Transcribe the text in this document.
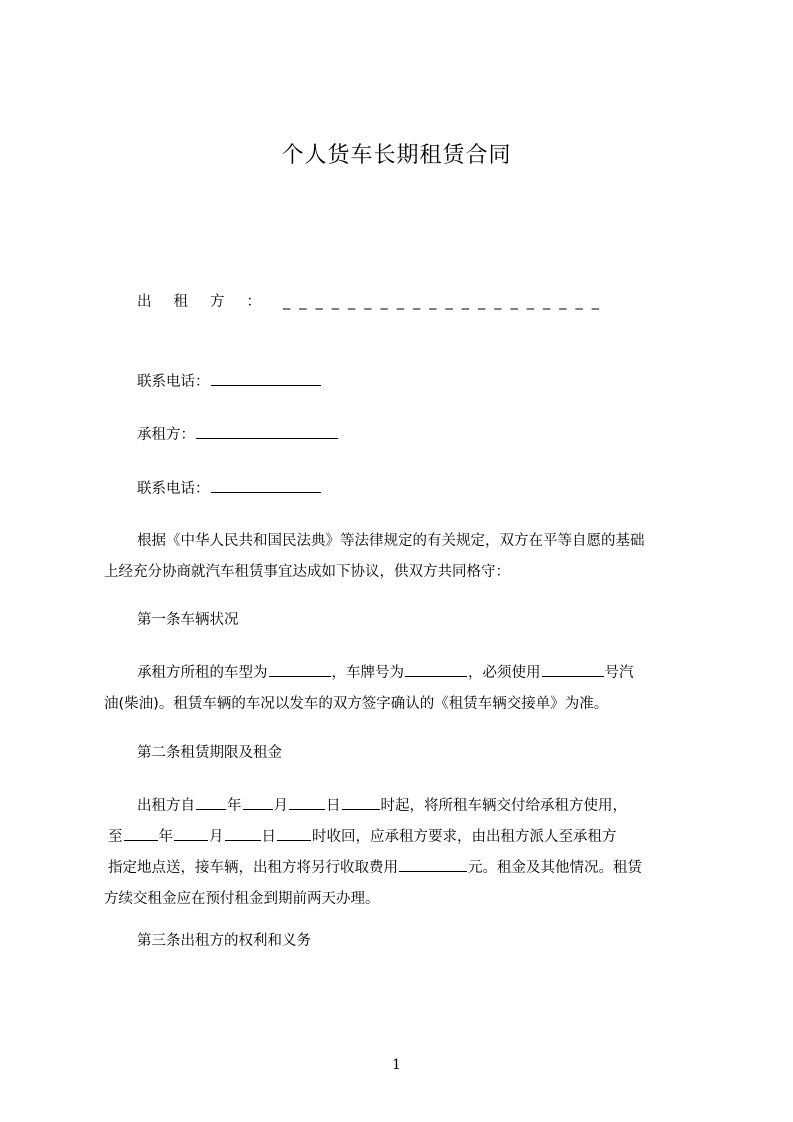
个人货车长期租赁合同
出租方：____________________
联系电话：
承租方：
联系电话：
根据《中华人民共和国民法典》等法律规定的有关规定，双方在平等自愿的基础
上经充分协商就汽车租赁事宜达成如下协议，供双方共同格守：
第一条车辆状况
承租方所租的车型为	，车牌号为	，必须使用	号汽
油(柴油)。租赁车辆的车况以发车的双方签字确认的《租赁车辆交接单》为准。
第二条租赁期限及租金
出租方自 年 月	日	时起，将所租车辆交付给承租方使用，
至 年 月	日 时收回，应承租方要求，由出租方派人至承租方
指定地点送，接车辆，出租方将另行收取费用	元。租金及其他情况。租赁
方续交租金应在预付租金到期前两天办理。
第三条出租方的权利和义务
1
